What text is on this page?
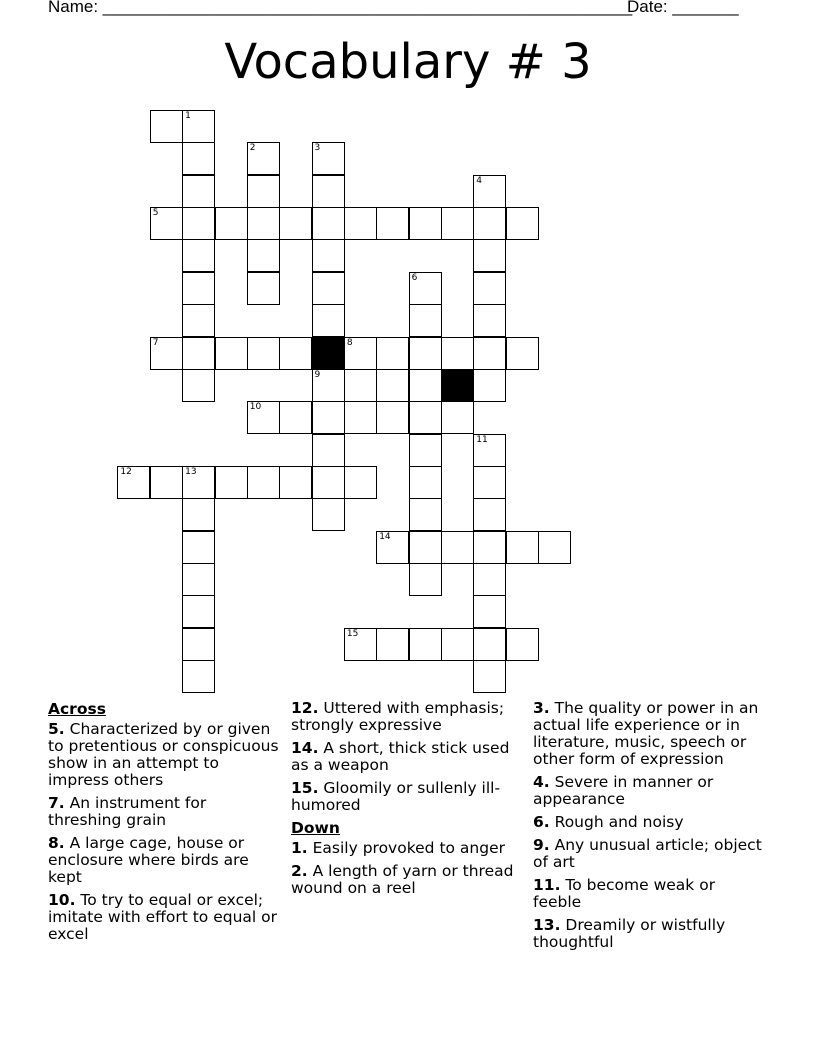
Name: ________________________________________________________
Date: _______
Vocabulary # 3
1
2	3
4
5
6
7	8
9
10
11
12	13
14
15
Across
5. Characterized by or given to pretentious or conspicuous show in an attempt to impress others
7. An instrument for threshing grain
8. A large cage, house or enclosure where birds are kept
10. To try to equal or excel; imitate with effort to equal or excel
12. Uttered with emphasis; strongly expressive
14. A short, thick stick used as a weapon
15. Gloomily or sullenly ill-humored
Down
1. Easily provoked to anger
2. A length of yarn or thread wound on a reel
3. The quality or power in an actual life experience or in literature, music, speech or other form of expression
4. Severe in manner or appearance
6. Rough and noisy
9. Any unusual article; object of art
11. To become weak or feeble
13. Dreamily or wistfully thoughtful
